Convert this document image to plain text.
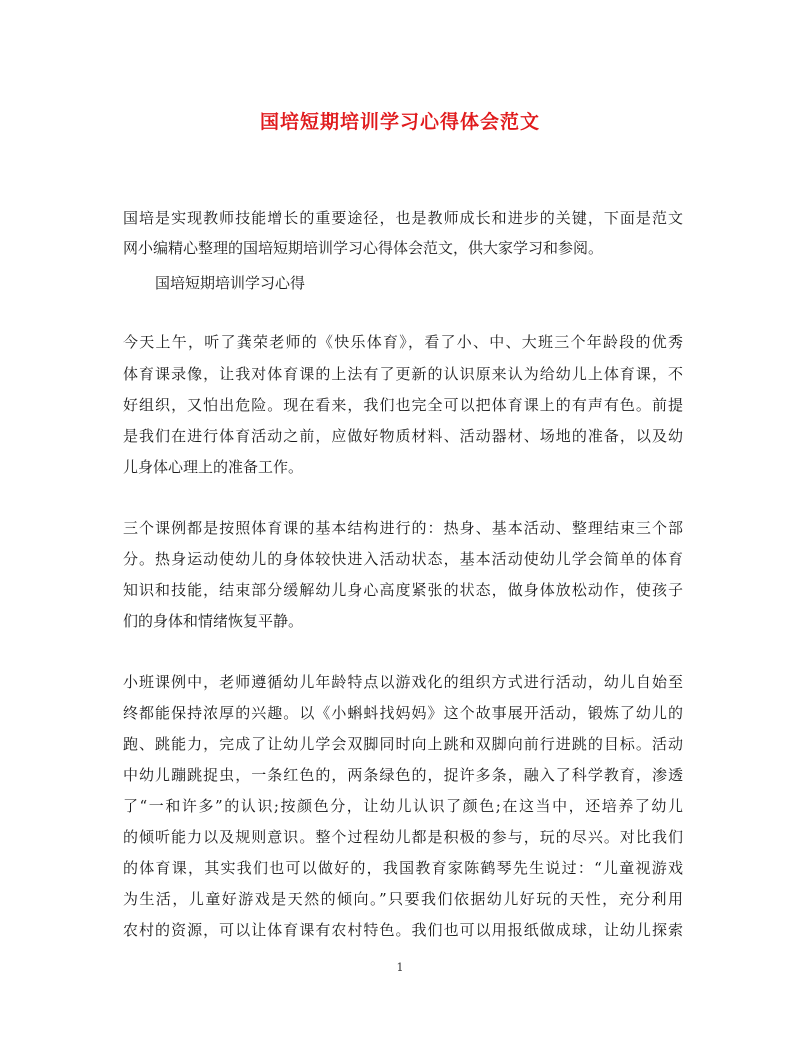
国培短期培训学习心得体会范文
国培是实现教师技能增长的重要途径，也是教师成长和进步的关键，下面是范文
网小编精心整理的国培短期培训学习心得体会范文，供大家学习和参阅。
国培短期培训学习心得
今天上午，听了龚荣老师的《快乐体育》，看了小、中、大班三个年龄段的优秀
体育课录像，让我对体育课的上法有了更新的认识原来认为给幼儿上体育课，不
好组织，又怕出危险。现在看来，我们也完全可以把体育课上的有声有色。前提
是我们在进行体育活动之前，应做好物质材料、活动器材、场地的准备，以及幼
儿身体心理上的准备工作。
三个课例都是按照体育课的基本结构进行的：热身、基本活动、整理结束三个部
分。热身运动使幼儿的身体较快进入活动状态，基本活动使幼儿学会简单的体育
知识和技能，结束部分缓解幼儿身心高度紧张的状态，做身体放松动作，使孩子
们的身体和情绪恢复平静。
小班课例中，老师遵循幼儿年龄特点以游戏化的组织方式进行活动，幼儿自始至
终都能保持浓厚的兴趣。以《小蝌蚪找妈妈》这个故事展开活动，锻炼了幼儿的
跑、跳能力，完成了让幼儿学会双脚同时向上跳和双脚向前行进跳的目标。活动
中幼儿蹦跳捉虫，一条红色的，两条绿色的，捉许多条，融入了科学教育，渗透
了“一和许多”的认识;按颜色分，让幼儿认识了颜色;在这当中，还培养了幼儿
的倾听能力以及规则意识。整个过程幼儿都是积极的参与，玩的尽兴。对比我们
的体育课，其实我们也可以做好的，我国教育家陈鹤琴先生说过：“儿童视游戏
为生活，儿童好游戏是天然的倾向。”只要我们依据幼儿好玩的天性，充分利用
农村的资源，可以让体育课有农村特色。我们也可以用报纸做成球，让幼儿探索
1
